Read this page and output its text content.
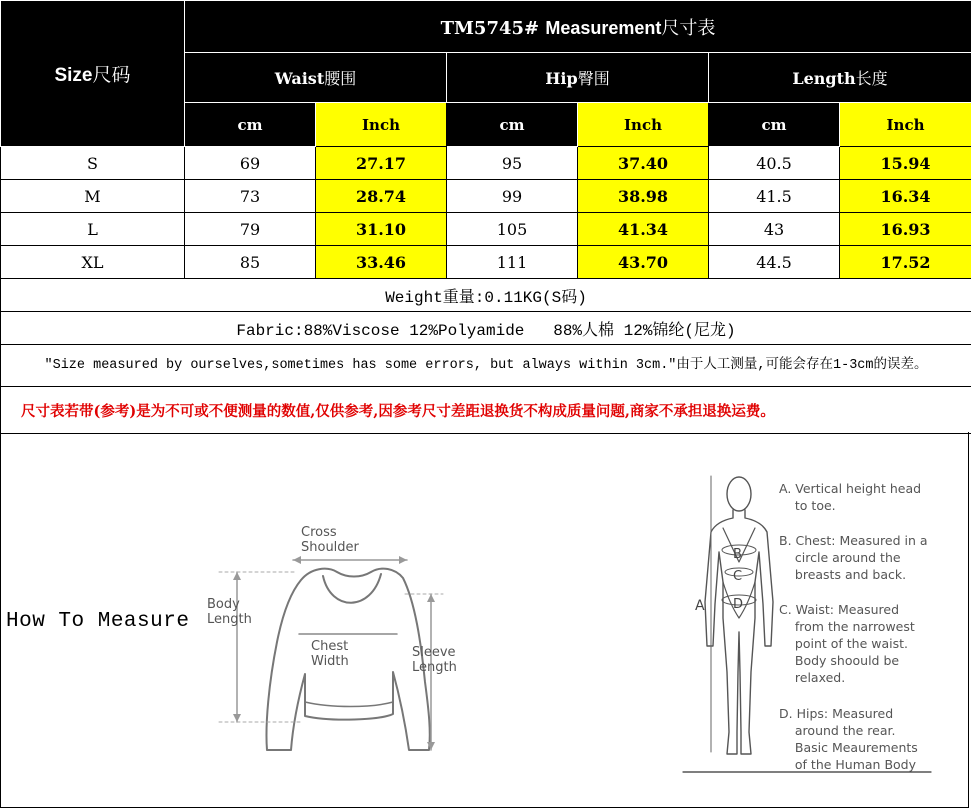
Size尺码	TM5745# Measurement尺寸表					
	Waist腰围		Hip臀围		Length长度	
	cm	Inch	cm	Inch	cm	Inch
S	69	27.17	95	37.40	40.5	15.94
M	73	28.74	99	38.98	41.5	16.34
L	79	31.10	105	41.34	43	16.93
XL	85	33.46	111	43.70	44.5	17.52
Weight重量:0.11KG(S码)						
Fabric:88%Viscose 12%Polyamide   88%人棉 12%锦纶(尼龙)						
"Size measured by ourselves,sometimes has some errors, but always within 3cm."由于人工测量,可能会存在1-3cm的误差。						
尺寸表若带(参考)是为不可或不便测量的数值,仅供参考,因参考尺寸差距退换货不构成质量问题,商家不承担退换运费。						
How To Measure
Cross
Shoulder
Body
Length
Chest
Width
Sleeve
Length
A
B
C
D
A. Vertical height head
to toe.
B. Chest: Measured in a
circle around the
breasts and back.
C. Waist: Measured
from the narrowest
point of the waist.
Body shoould be
relaxed.
D. Hips: Measured
around the rear.
Basic Meaurements
of the Human Body
